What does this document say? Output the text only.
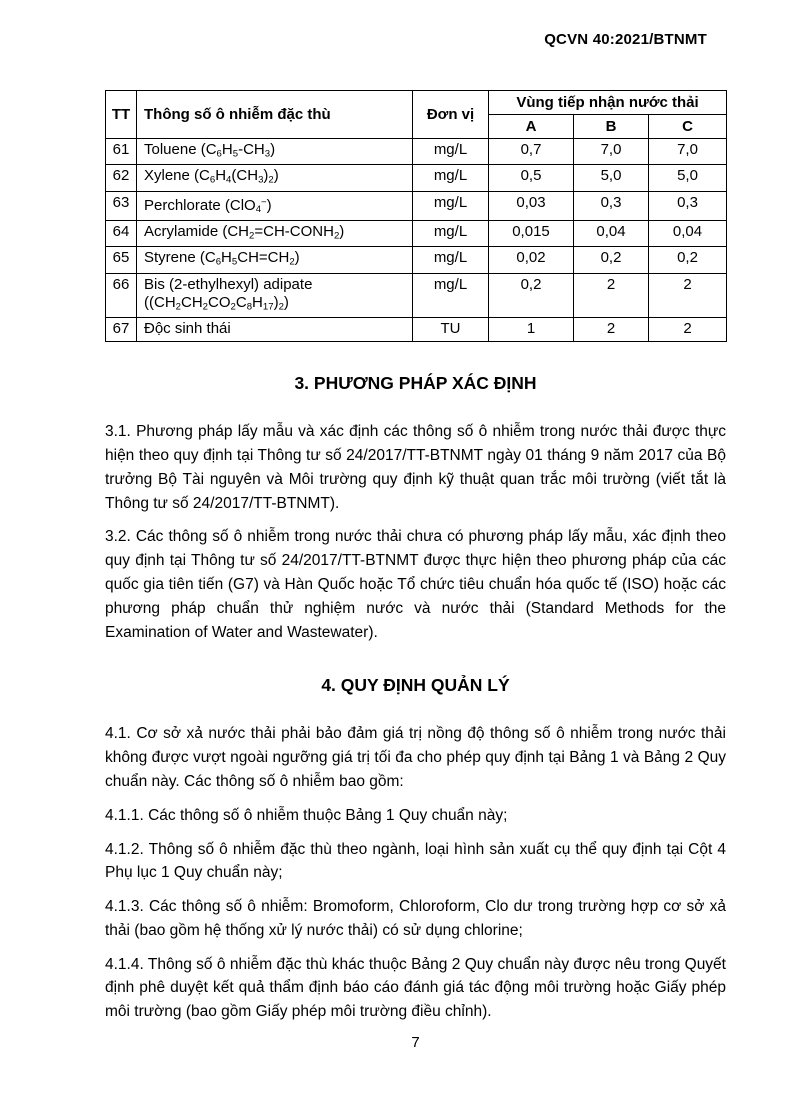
QCVN 40:2021/BTNMT
TT	Thông số ô nhiễm đặc thù	Đơn vị	Vùng tiếp nhận nước thải		
			A	B	C
61	Toluene $(C_6H_5-CH_3)$	mg/L	0,7	7,0	7,0
62	Xylene $(C_6H_4(CH_3)_2)$	mg/L	0,5	5,0	5,0
63	Perchlorate (ClO$_4$−)	mg/L	0,03	0,3	0,3
64	Acrylamide $(CH_2=CH-CONH_2)$	mg/L	0,015	0,04	0,04
65	Styrene $(C_6H_5CH=CH_2)$	mg/L	0,02	0,2	0,2
66	Bis (2-ethylhexyl) adipate
$((CH_2CH_2CO_2C_8H_{17})_2)$	mg/L	0,2	2	2
67	Độc sinh thái	TU	1	2	2
3. PHƯƠNG PHÁP XÁC ĐỊNH

3.1. Phương pháp lấy mẫu và xác định các thông số ô nhiễm trong nước thải được thực hiện theo quy định tại Thông tư số 24/2017/TT-BTNMT ngày 01 tháng 9 năm 2017 của Bộ trưởng Bộ Tài nguyên và Môi trường quy định kỹ thuật quan trắc môi trường (viết tắt là Thông tư số 24/2017/TT-BTNMT).

3.2. Các thông số ô nhiễm trong nước thải chưa có phương pháp lấy mẫu, xác định theo quy định tại Thông tư số 24/2017/TT-BTNMT được thực hiện theo phương pháp của các quốc gia tiên tiến (G7) và Hàn Quốc hoặc Tổ chức tiêu chuẩn hóa quốc tế (ISO) hoặc các phương pháp chuẩn thử nghiệm nước và nước thải (Standard Methods for the Examination of Water and Wastewater).

4. QUY ĐỊNH QUẢN LÝ

4.1. Cơ sở xả nước thải phải bảo đảm giá trị nồng độ thông số ô nhiễm trong nước thải không được vượt ngoài ngưỡng giá trị tối đa cho phép quy định tại Bảng 1 và Bảng 2 Quy chuẩn này. Các thông số ô nhiễm bao gồm:

4.1.1. Các thông số ô nhiễm thuộc Bảng 1 Quy chuẩn này;

4.1.2. Thông số ô nhiễm đặc thù theo ngành, loại hình sản xuất cụ thể quy định tại Cột 4 Phụ lục 1 Quy chuẩn này;

4.1.3. Các thông số ô nhiễm: Bromoform, Chloroform, Clo dư trong trường hợp cơ sở xả thải (bao gồm hệ thống xử lý nước thải) có sử dụng chlorine;

4.1.4. Thông số ô nhiễm đặc thù khác thuộc Bảng 2 Quy chuẩn này được nêu trong Quyết định phê duyệt kết quả thẩm định báo cáo đánh giá tác động môi trường hoặc Giấy phép môi trường (bao gồm Giấy phép môi trường điều chỉnh).

7
